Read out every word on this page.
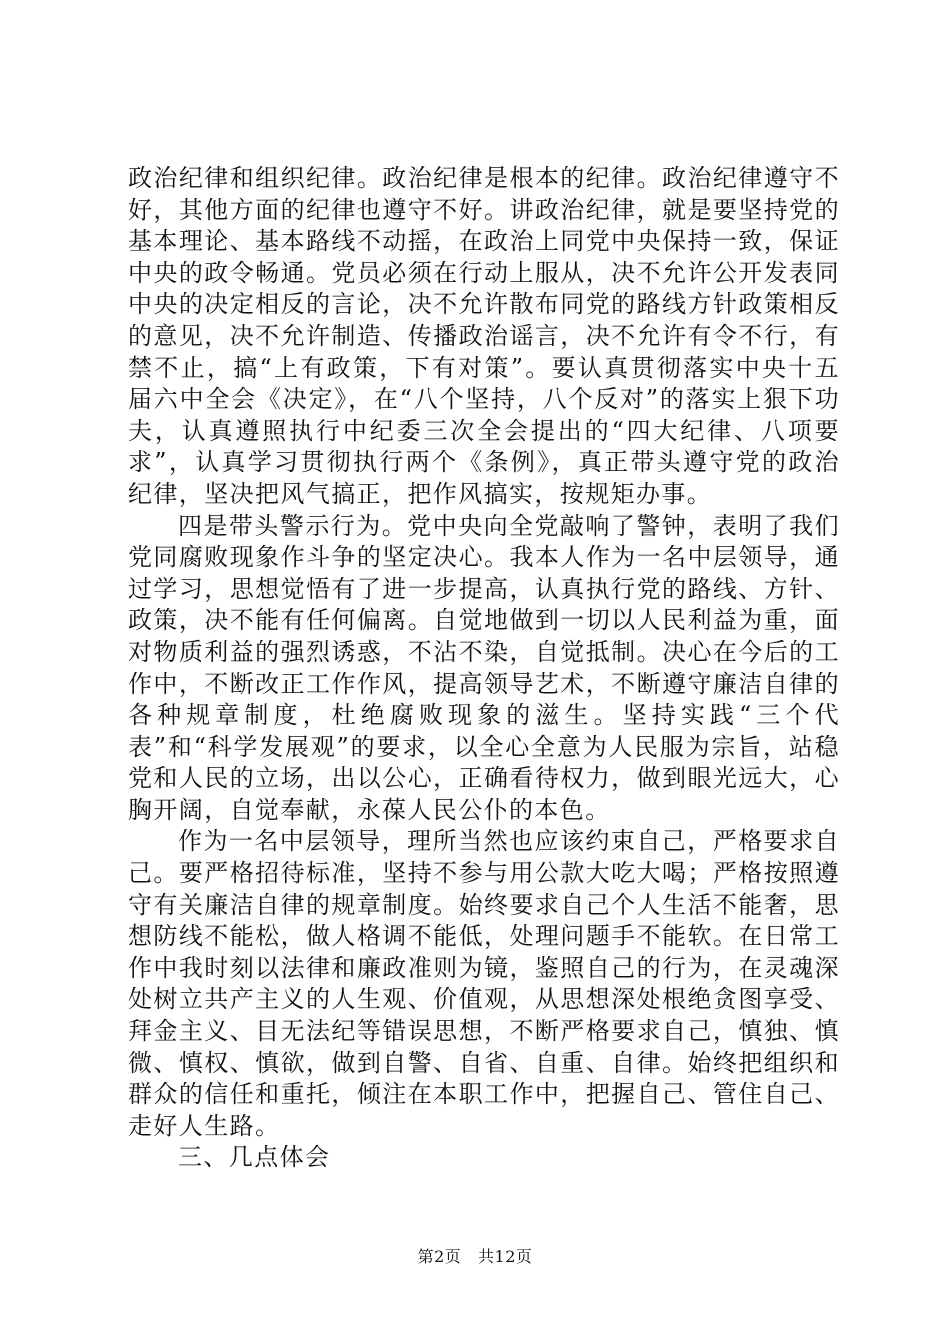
政治纪律和组织纪律。政治纪律是根本的纪律。政治纪律遵守不好，其他方面的纪律也遵守不好。讲政治纪律，就是要坚持党的基本理论、基本路线不动摇，在政治上同党中央保持一致，保证中央的政令畅通。党员必须在行动上服从，决不允许公开发表同中央的决定相反的言论，决不允许散布同党的路线方针政策相反的意见，决不允许制造、传播政治谣言，决不允许有令不行，有禁不止，搞“上有政策，下有对策”。要认真贯彻落实中央十五届六中全会《决定》，在“八个坚持，八个反对”的落实上狠下功夫，认真遵照执行中纪委三次全会提出的“四大纪律、八项要求”，认真学习贯彻执行两个《条例》，真正带头遵守党的政治纪律，坚决把风气搞正，把作风搞实，按规矩办事。

四是带头警示行为。党中央向全党敲响了警钟，表明了我们党同腐败现象作斗争的坚定决心。我本人作为一名中层领导，通过学习，思想觉悟有了进一步提高，认真执行党的路线、方针、政策，决不能有任何偏离。自觉地做到一切以人民利益为重，面对物质利益的强烈诱惑，不沾不染，自觉抵制。决心在今后的工作中，不断改正工作作风，提高领导艺术，不断遵守廉洁自律的各种规章制度，杜绝腐败现象的滋生。坚持实践“三个代表”和“科学发展观”的要求，以全心全意为人民服为宗旨，站稳党和人民的立场，出以公心，正确看待权力，做到眼光远大，心胸开阔，自觉奉献，永葆人民公仆的本色。

作为一名中层领导，理所当然也应该约束自己，严格要求自己。要严格招待标准，坚持不参与用公款大吃大喝；严格按照遵守有关廉洁自律的规章制度。始终要求自己个人生活不能奢，思想防线不能松，做人格调不能低，处理问题手不能软。在日常工作中我时刻以法律和廉政准则为镜，鉴照自己的行为，在灵魂深处树立共产主义的人生观、价值观，从思想深处根绝贪图享受、拜金主义、目无法纪等错误思想，不断严格要求自己，慎独、慎微、慎权、慎欲，做到自警、自省、自重、自律。始终把组织和群众的信任和重托，倾注在本职工作中，把握自己、管住自己、走好人生路。

三、几点体会

第2页 共12页
